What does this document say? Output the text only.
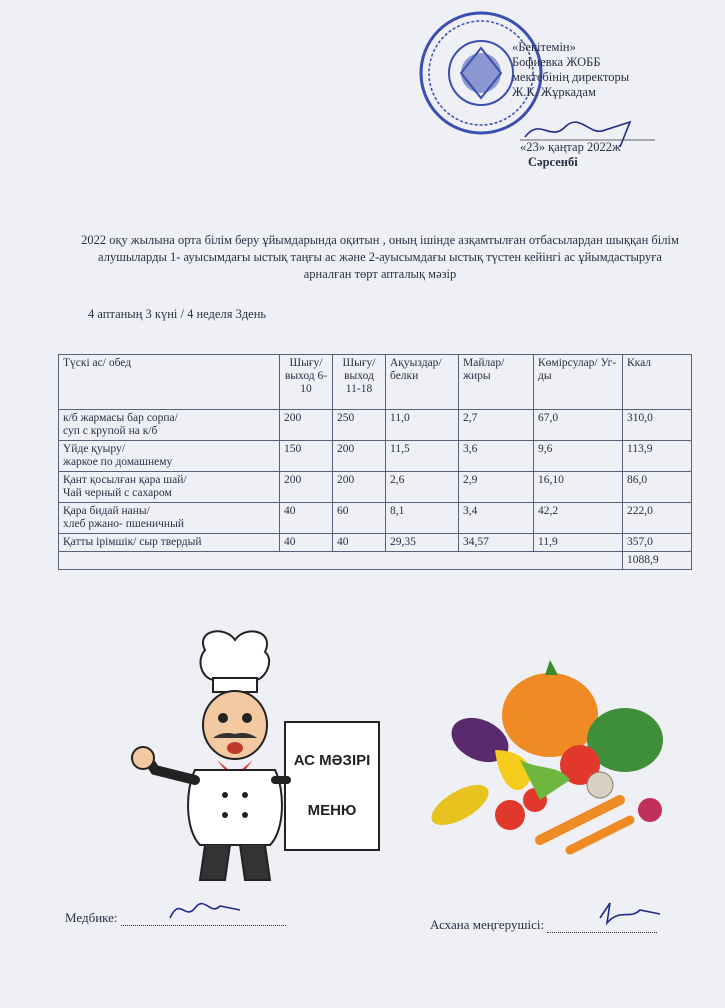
«Бекітемін»
Бофиевка ЖОББ
мектебінің директоры
Ж.К. Жұркадам
«23» қаңтар 2022ж
Сәрсенбі
2022 оқу жылына орта білім беру ұйымдарында оқитын , оның ішінде азқамтылған отбасылардан шыққан білім алушыларды 1- ауысымдағы ыстық таңғы ас және 2-ауысымдағы ыстық түстен кейінгі ас ұйымдастыруға арналған төрт апталық мәзір
4 аптаның 3 күні / 4 неделя 3день
Түскі ас/ обед	Шығу/ выход 6-10	Шығу/ выход 11-18	Ақуыздар/ белки	Майлар/ жиры	Көмірсулар/ Уг-ды	Ккал

к/б жармасы бар сорпа/
суп с крупой на к/б	200	250	11,0	2,7	67,0	310,0

Үйде қуыру/
жаркое по домашнему	150	200	11,5	3,6	9,6	113,9

Қант қосылған қара шай/
Чай черный с сахаром	200	200	2,6	2,9	16,10	86,0

Қара бидай наны/
хлеб ржано- пшеничный	40	60	8,1	3,4	42,2	222,0

Қатты ірімшік/ сыр твердый	40	40	29,35	34,57	11,9	357,0
						1088,9
АС МӘЗІРІ
МЕНЮ
Медбике:	Асхана меңгерушісі:
